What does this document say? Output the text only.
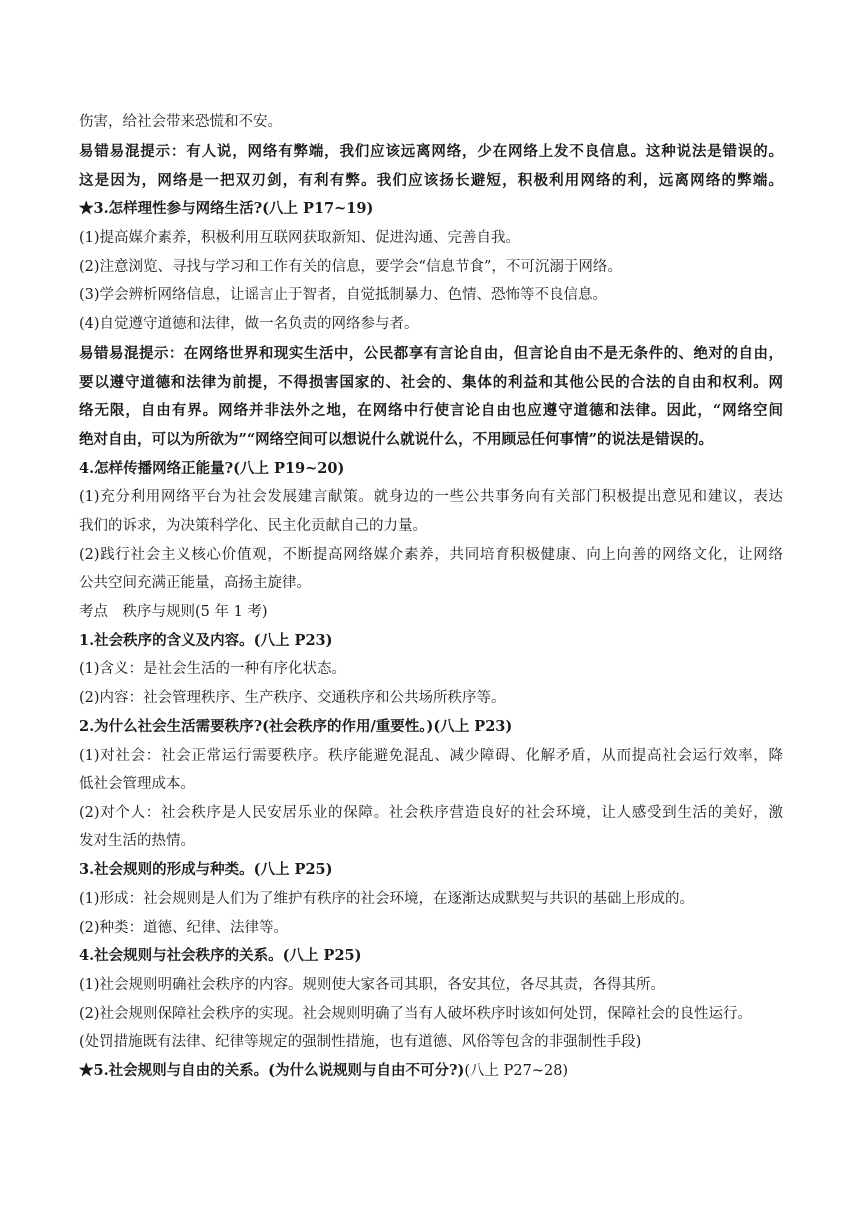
伤害，给社会带来恐慌和不安。
易错易混提示：有人说，网络有弊端，我们应该远离网络，少在网络上发不良信息。这种说法是错误的。
这是因为，网络是一把双刃剑，有利有弊。我们应该扬长避短，积极利用网络的利，远离网络的弊端。
★3.怎样理性参与网络生活?(八上 P17~19)
(1)提高媒介素养，积极利用互联网获取新知、促进沟通、完善自我。
(2)注意浏览、寻找与学习和工作有关的信息，要学会“信息节食”，不可沉溺于网络。
(3)学会辨析网络信息，让谣言止于智者，自觉抵制暴力、色情、恐怖等不良信息。
(4)自觉遵守道德和法律，做一名负责的网络参与者。
易错易混提示：在网络世界和现实生活中，公民都享有言论自由，但言论自由不是无条件的、绝对的自由，
要以遵守道德和法律为前提，不得损害国家的、社会的、集体的利益和其他公民的合法的自由和权利。网
络无限，自由有界。网络并非法外之地，在网络中行使言论自由也应遵守道德和法律。因此，“网络空间
绝对自由，可以为所欲为”“网络空间可以想说什么就说什么，不用顾忌任何事情”的说法是错误的。
4.怎样传播网络正能量?(八上 P19~20)
(1)充分利用网络平台为社会发展建言献策。就身边的一些公共事务向有关部门积极提出意见和建议，表达
我们的诉求，为决策科学化、民主化贡献自己的力量。
(2)践行社会主义核心价值观，不断提高网络媒介素养，共同培育积极健康、向上向善的网络文化，让网络
公共空间充满正能量，高扬主旋律。
考点　秩序与规则(5 年 1 考)
1.社会秩序的含义及内容。(八上 P23)
(1)含义：是社会生活的一种有序化状态。
(2)内容：社会管理秩序、生产秩序、交通秩序和公共场所秩序等。
2.为什么社会生活需要秩序?(社会秩序的作用/重要性。)(八上 P23)
(1)对社会：社会正常运行需要秩序。秩序能避免混乱、减少障碍、化解矛盾，从而提高社会运行效率，降
低社会管理成本。
(2)对个人：社会秩序是人民安居乐业的保障。社会秩序营造良好的社会环境，让人感受到生活的美好，激
发对生活的热情。
3.社会规则的形成与种类。(八上 P25)
(1)形成：社会规则是人们为了维护有秩序的社会环境，在逐渐达成默契与共识的基础上形成的。
(2)种类：道德、纪律、法律等。
4.社会规则与社会秩序的关系。(八上 P25)
(1)社会规则明确社会秩序的内容。规则使大家各司其职，各安其位，各尽其责，各得其所。
(2)社会规则保障社会秩序的实现。社会规则明确了当有人破坏秩序时该如何处罚，保障社会的良性运行。
(处罚措施既有法律、纪律等规定的强制性措施，也有道德、风俗等包含的非强制性手段)
★5.社会规则与自由的关系。(为什么说规则与自由不可分?)(八上 P27~28)
